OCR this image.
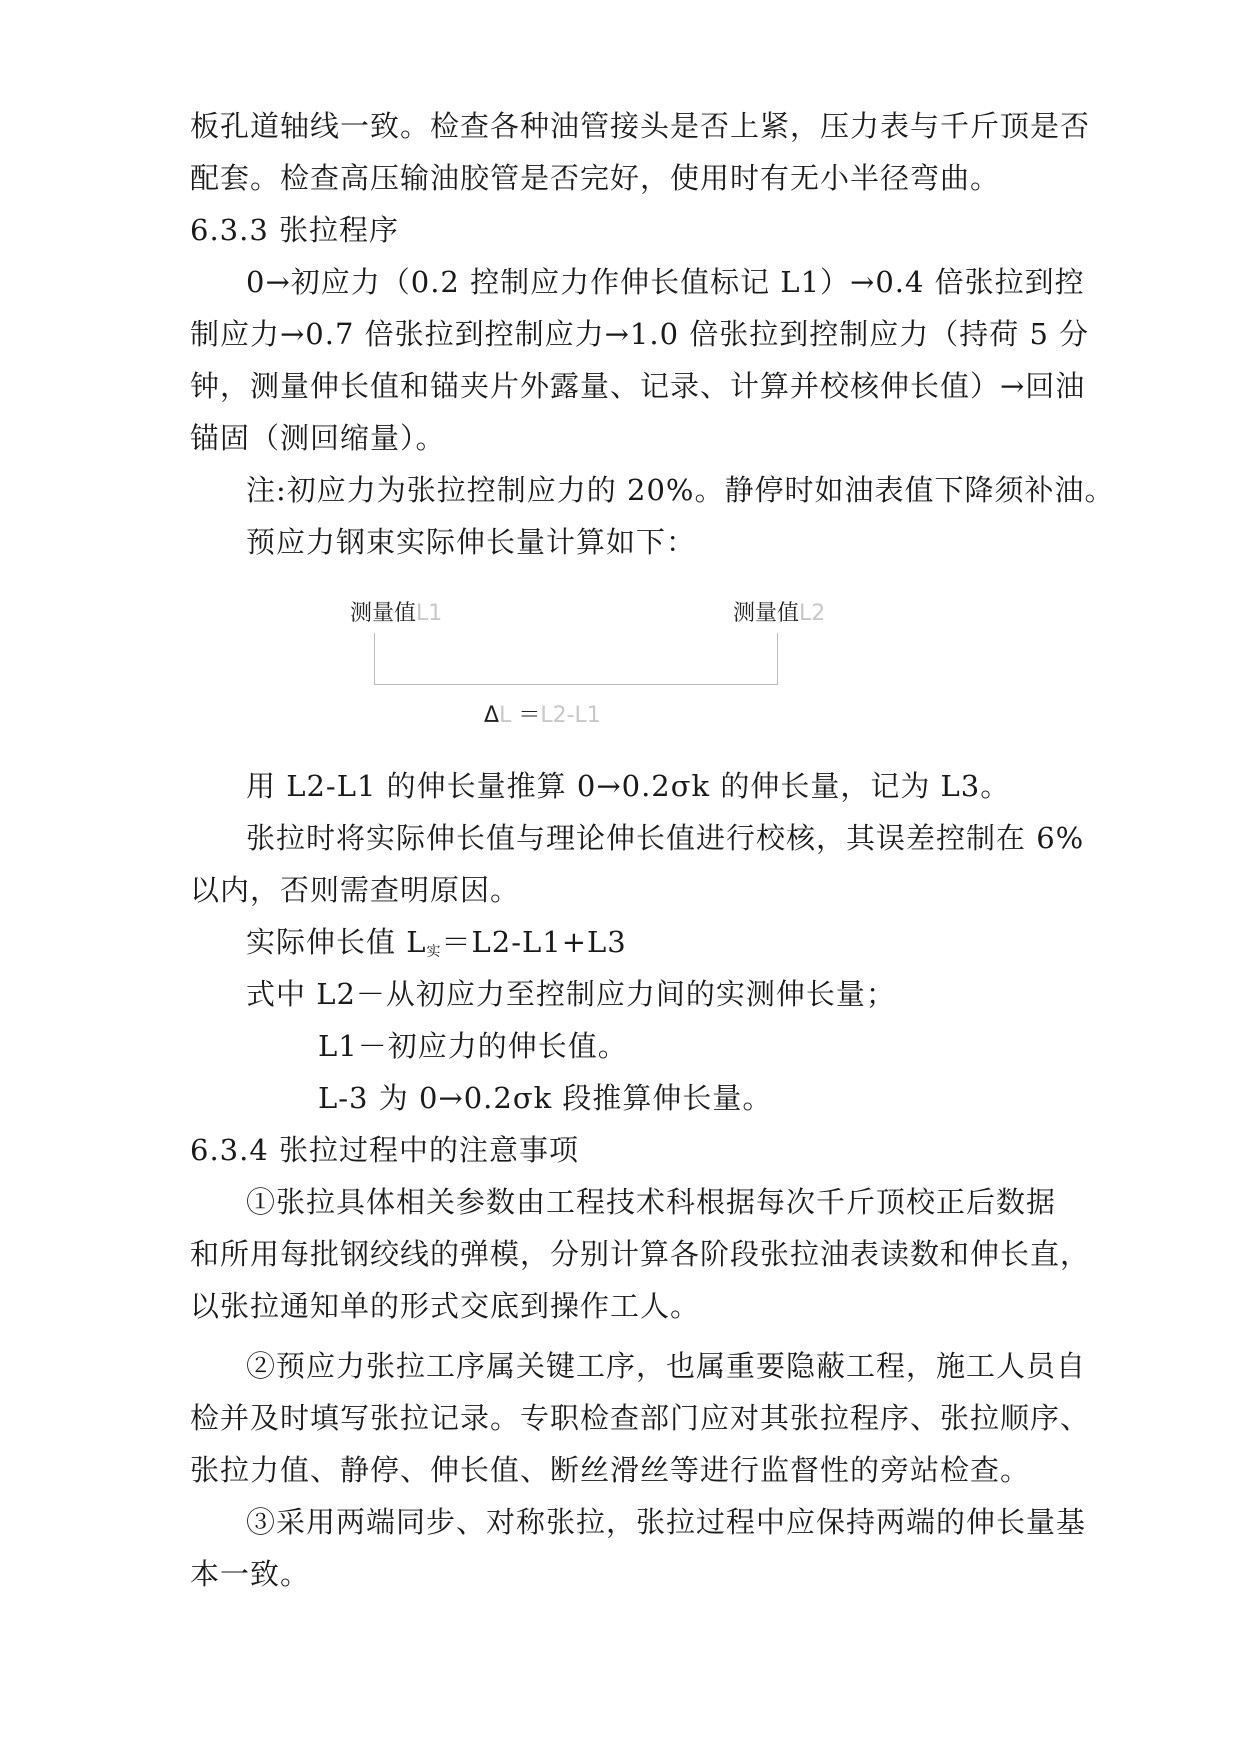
板孔道轴线一致。检查各种油管接头是否上紧，压力表与千斤顶是否
配套。检查高压输油胶管是否完好，使用时有无小半径弯曲。
6.3.3 张拉程序
0→初应力（0.2 控制应力作伸长值标记 L1）→0.4 倍张拉到控
制应力→0.7 倍张拉到控制应力→1.0 倍张拉到控制应力（持荷 5 分
钟，测量伸长值和锚夹片外露量、记录、计算并校核伸长值）→回油
锚固（测回缩量）。
注:初应力为张拉控制应力的 20%。静停时如油表值下降须补油。
预应力钢束实际伸长量计算如下：
测量值L1	测量值L2
ΔL ＝L2-L1
用 L2-L1 的伸长量推算 0→0.2σk 的伸长量，记为 L3。
张拉时将实际伸长值与理论伸长值进行校核，其误差控制在 6%
以内，否则需查明原因。
实际伸长值 $L_实=L2-L1+L3$
式中 L2－从初应力至控制应力间的实测伸长量；
L1－初应力的伸长值。
L-3 为 0→0.2σk 段推算伸长量。
6.3.4 张拉过程中的注意事项
①张拉具体相关参数由工程技术科根据每次千斤顶校正后数据
和所用每批钢绞线的弹模，分别计算各阶段张拉油表读数和伸长直，
以张拉通知单的形式交底到操作工人。
②预应力张拉工序属关键工序，也属重要隐蔽工程，施工人员自
检并及时填写张拉记录。专职检查部门应对其张拉程序、张拉顺序、
张拉力值、静停、伸长值、断丝滑丝等进行监督性的旁站检查。
③采用两端同步、对称张拉，张拉过程中应保持两端的伸长量基
本一致。
